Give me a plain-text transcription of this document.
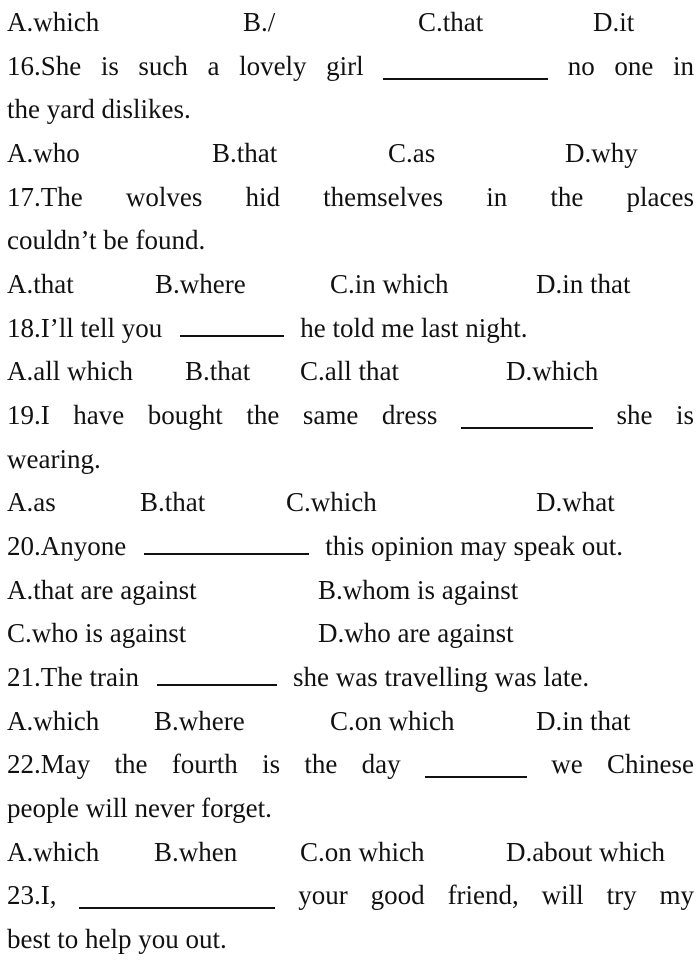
A.which	B./	C.that	D.it
16.She is such a lovely girl	no one in
the yard dislikes.
A.who	B.that	C.as	D.why
17.The wolves hid themselves in the places
couldn’t be found.
A.that	B.where	C.in which	D.in that
18.I’ll tell you	he told me last night.
A.all which B.that C.all that	D.which
19.I have bought the same dress	she is
wearing.
A.as	B.that	C.which	D.what
20.Anyone	this opinion may speak out.
A.that are against	B.whom is against
C.who is against	D.who are against
21.The train	she was travelling was late.
A.which B.where	C.on which	D.in that
22.May the fourth is the day	we Chinese
people will never forget.
A.which B.when C.on which	D.about which
23.I,	your good friend, will try my
best to help you out.
